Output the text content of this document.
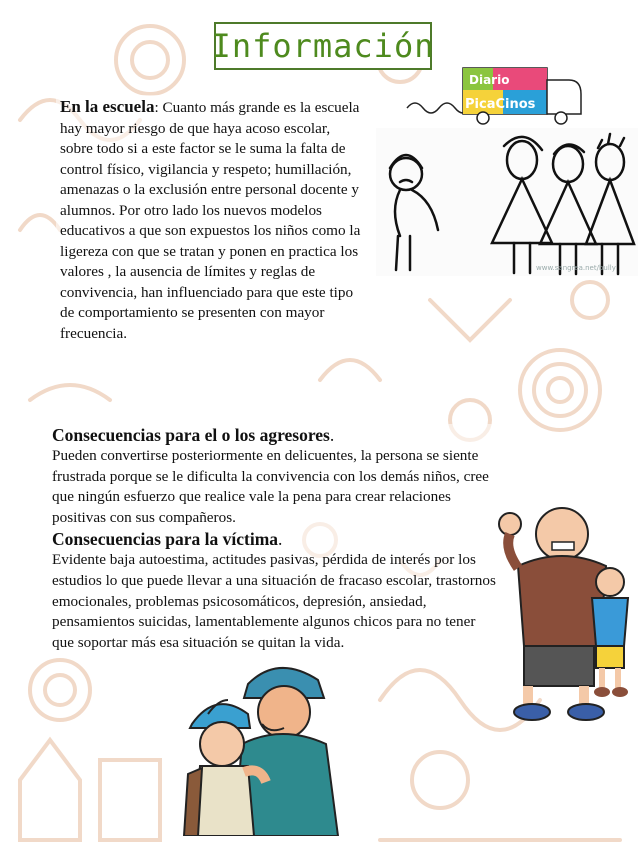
Información
Diario
PicaCinos
En la escuela: Cuanto más grande es la escuela hay mayor riesgo de que haya acoso escolar, sobre todo si a este factor se le suma la falta de control físico, vigilancia y respeto; humillación, amenazas o la exclusión entre personal docente y alumnos. Por otro lado los nuevos modelos educativos a que son expuestos los niños como la ligereza con que se tratan y ponen en practica los valores , la ausencia de límites y reglas de convivencia, han influenciado para que este tipo de comportamiento se presenten con mayor frecuencia.
www.sangrea.net/bully
Consecuencias para el o los agresores.
Pueden convertirse posteriormente en delicuentes, la persona se siente frustrada porque se le dificulta la convivencia con los demás niños, cree que ningún esfuerzo que realice vale la pena para crear relaciones positivas con sus compañeros.
Consecuencias para la víctima.
Evidente baja autoestima, actitudes pasivas, pérdida de interés por los estudios lo que puede llevar a una situación de fracaso escolar, trastornos emocionales, problemas psicosomáticos, depresión, ansiedad, pensamientos suicidas, lamentablemente algunos chicos para no tener que soportar más esa situación se quitan la vida.
